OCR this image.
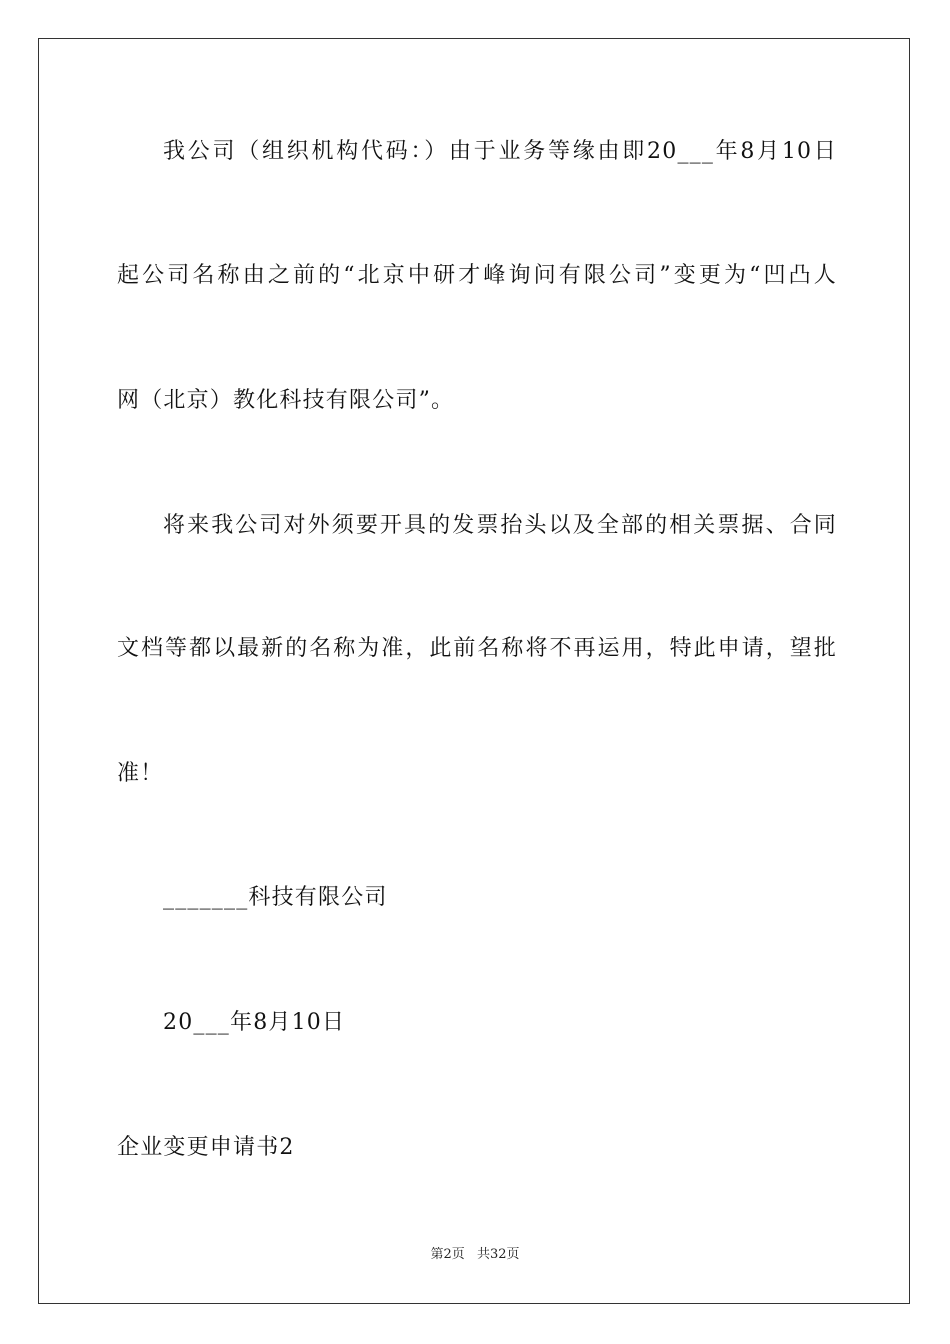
我公司（组织机构代码：）由于业务等缘由即20___年8月10日
起公司名称由之前的“北京中研才峰询问有限公司”变更为“凹凸人
网（北京）教化科技有限公司”。
将来我公司对外须要开具的发票抬头以及全部的相关票据、合同
文档等都以最新的名称为准，此前名称将不再运用，特此申请，望批
准！
_______科技有限公司
20___年8月10日
企业变更申请书2
第2页 共32页
